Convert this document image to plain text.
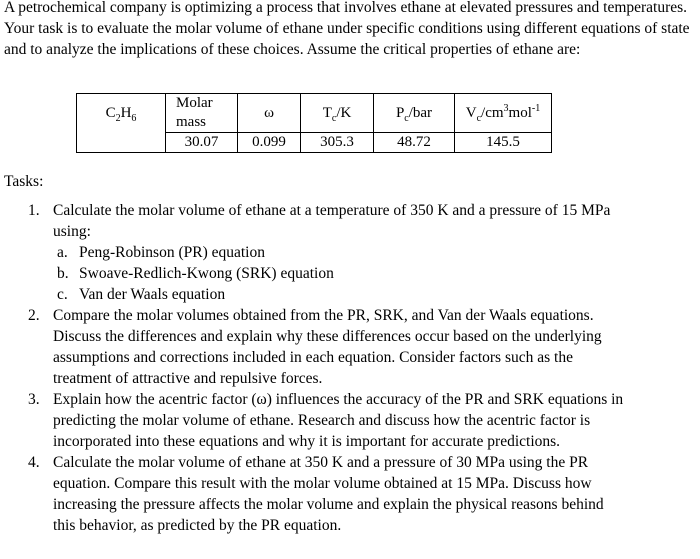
A petrochemical company is optimizing a process that involves ethane at elevated pressures and temperatures. Your task is to evaluate the molar volume of ethane under specific conditions using different equations of state and to analyze the implications of these choices. Assume the critical properties of ethane are:

$C_2H_6$	Molar	ω	$T_c/K$	$P_c$/bar	$V_c/cm^3mol^{-1}$
	mass				
	30.07	0.099	305.3	48.72	145.5
Tasks:
1. Calculate the molar volume of ethane at a temperature of 350 K and a pressure of 15 MPa using:
a. Peng-Robinson (PR) equation
b. Swoave-Redlich-Kwong (SRK) equation
c. Van der Waals equation
2. Compare the molar volumes obtained from the PR, SRK, and Van der Waals equations. Discuss the differences and explain why these differences occur based on the underlying assumptions and corrections included in each equation. Consider factors such as the treatment of attractive and repulsive forces.
3. Explain how the acentric factor (ω) influences the accuracy of the PR and SRK equations in predicting the molar volume of ethane. Research and discuss how the acentric factor is incorporated into these equations and why it is important for accurate predictions.
4. Calculate the molar volume of ethane at 350 K and a pressure of 30 MPa using the PR equation. Compare this result with the molar volume obtained at 15 MPa. Discuss how increasing the pressure affects the molar volume and explain the physical reasons behind this behavior, as predicted by the PR equation.
